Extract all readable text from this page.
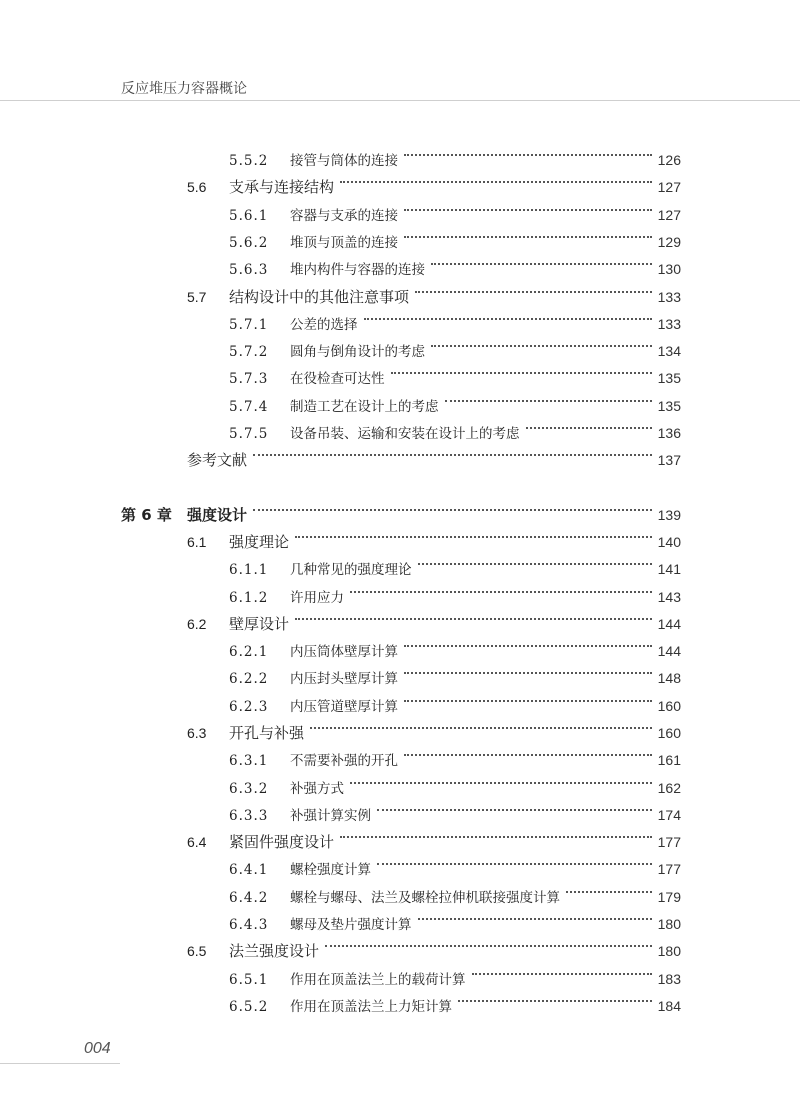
反应堆压力容器概论
5.5.2	接管与筒体的连接	126
5.6	支承与连接结构	127
5.6.1	容器与支承的连接	127
5.6.2	堆顶与顶盖的连接	129
5.6.3	堆内构件与容器的连接	130
5.7	结构设计中的其他注意事项	133
5.7.1	公差的选择	133
5.7.2	圆角与倒角设计的考虑	134
5.7.3	在役检查可达性	135
5.7.4	制造工艺在设计上的考虑	135
5.7.5	设备吊装、运输和安装在设计上的考虑	136
参考文献	137
第 6 章	强度设计	139
6.1	强度理论	140
6.1.1	几种常见的强度理论	141
6.1.2	许用应力	143
6.2	壁厚设计	144
6.2.1	内压筒体壁厚计算	144
6.2.2	内压封头壁厚计算	148
6.2.3	内压管道壁厚计算	160
6.3	开孔与补强	160
6.3.1	不需要补强的开孔	161
6.3.2	补强方式	162
6.3.3	补强计算实例	174
6.4	紧固件强度设计	177
6.4.1	螺栓强度计算	177
6.4.2	螺栓与螺母、法兰及螺栓拉伸机联接强度计算	179
6.4.3	螺母及垫片强度计算	180
6.5	法兰强度设计	180
6.5.1	作用在顶盖法兰上的载荷计算	183
6.5.2	作用在顶盖法兰上力矩计算	184
004
